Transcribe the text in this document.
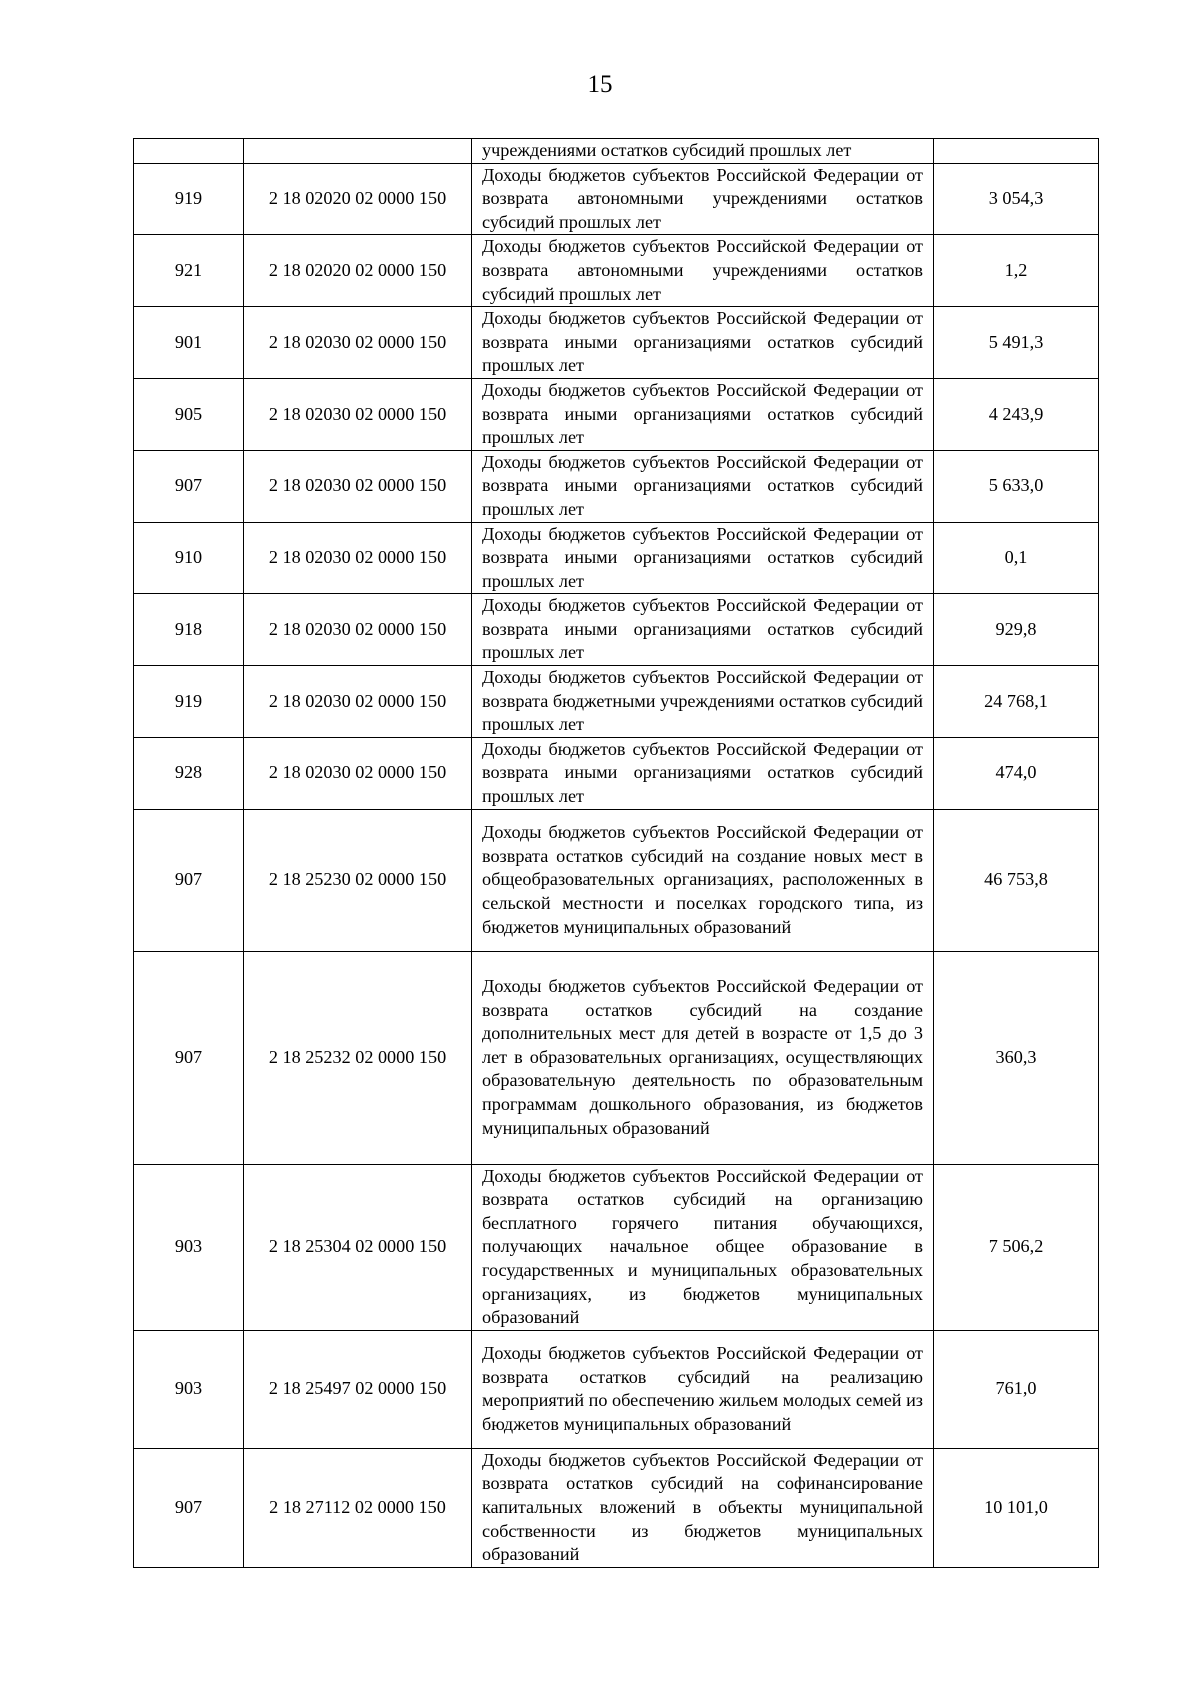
15
		учреждениями остатков субсидий прошлых лет	
919	2 18 02020 02 0000 150	Доходы бюджетов субъектов Российской Федерации от возврата автономными учреждениями остатков субсидий прошлых лет	3 054,3
921	2 18 02020 02 0000 150	Доходы бюджетов субъектов Российской Федерации от возврата автономными учреждениями остатков субсидий прошлых лет	1,2
901	2 18 02030 02 0000 150	Доходы бюджетов субъектов Российской Федерации от возврата иными организациями остатков субсидий прошлых лет	5 491,3
905	2 18 02030 02 0000 150	Доходы бюджетов субъектов Российской Федерации от возврата иными организациями остатков субсидий прошлых лет	4 243,9
907	2 18 02030 02 0000 150	Доходы бюджетов субъектов Российской Федерации от возврата иными организациями остатков субсидий прошлых лет	5 633,0
910	2 18 02030 02 0000 150	Доходы бюджетов субъектов Российской Федерации от возврата иными организациями остатков субсидий прошлых лет	0,1
918	2 18 02030 02 0000 150	Доходы бюджетов субъектов Российской Федерации от возврата иными организациями остатков субсидий прошлых лет	929,8
919	2 18 02030 02 0000 150	Доходы бюджетов субъектов Российской Федерации от возврата бюджетными учреждениями остатков субсидий прошлых лет	24 768,1
928	2 18 02030 02 0000 150	Доходы бюджетов субъектов Российской Федерации от возврата иными организациями остатков субсидий прошлых лет	474,0
907	2 18 25230 02 0000 150	Доходы бюджетов субъектов Российской Федерации от возврата остатков субсидий на создание новых мест в общеобразовательных организациях, расположенных в сельской местности и поселках городского типа, из бюджетов муниципальных образований	46 753,8
907	2 18 25232 02 0000 150	Доходы бюджетов субъектов Российской Федерации от возврата остатков субсидий на создание дополнительных мест для детей в возрасте от 1,5 до 3 лет в образовательных организациях, осуществляющих образовательную деятельность по образовательным программам дошкольного образования, из бюджетов муниципальных образований	360,3
903	2 18 25304 02 0000 150	Доходы бюджетов субъектов Российской Федерации от возврата остатков субсидий на организацию бесплатного горячего питания обучающихся, получающих начальное общее образование в государственных и муниципальных образовательных организациях, из бюджетов муниципальных образований	7 506,2
903	2 18 25497 02 0000 150	Доходы бюджетов субъектов Российской Федерации от возврата остатков субсидий на реализацию мероприятий по обеспечению жильем молодых семей из бюджетов муниципальных образований	761,0
907	2 18 27112 02 0000 150	Доходы бюджетов субъектов Российской Федерации от возврата остатков субсидий на софинансирование капитальных вложений в объекты муниципальной собственности из бюджетов муниципальных образований	10 101,0
